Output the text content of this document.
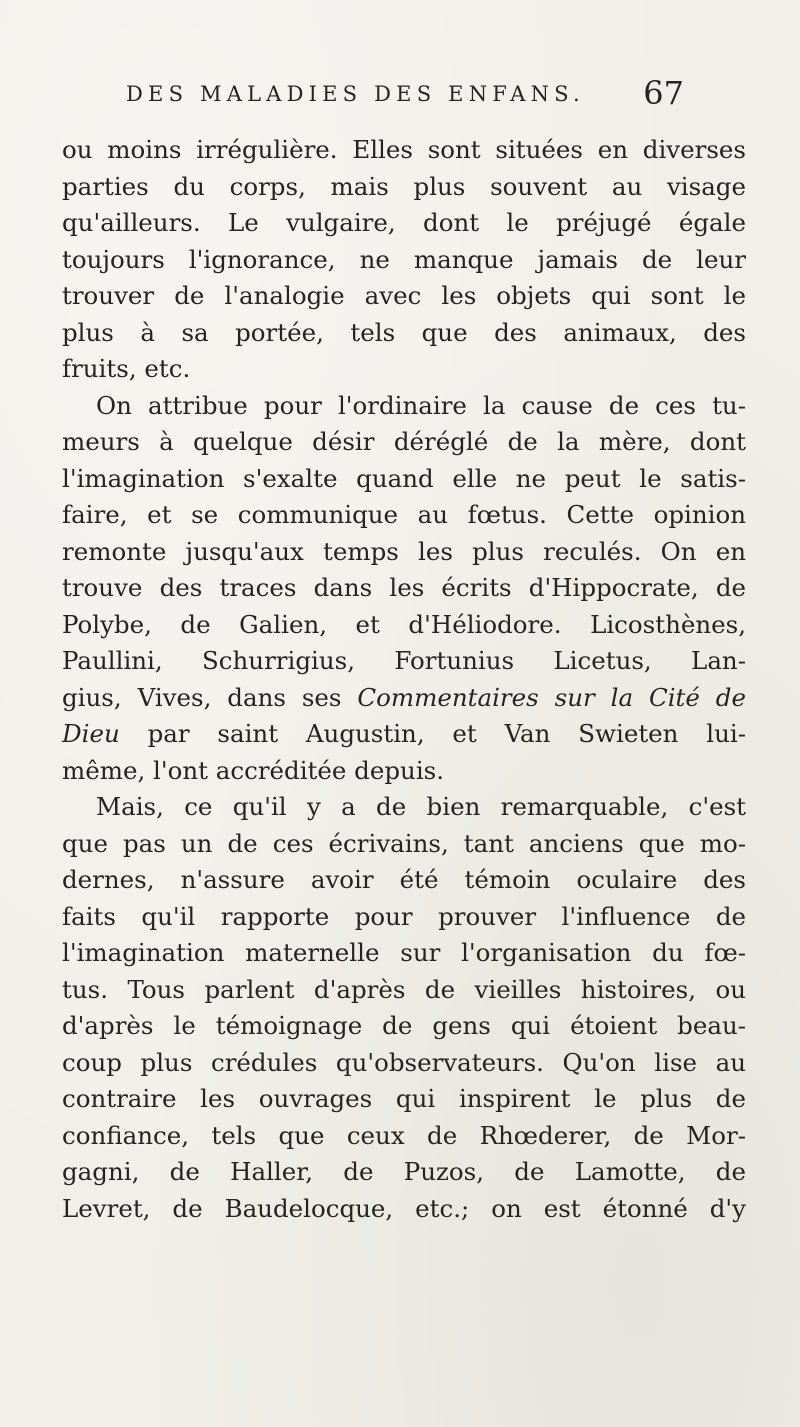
DES MALADIES DES ENFANS. 67
ou moins irrégulière. Elles sont situées en diverses
parties du corps, mais plus souvent au visage
qu'ailleurs. Le vulgaire, dont le préjugé égale
toujours l'ignorance, ne manque jamais de leur
trouver de l'analogie avec les objets qui sont le
plus à sa portée, tels que des animaux, des
fruits, etc.
On attribue pour l'ordinaire la cause de ces tu-
meurs à quelque désir déréglé de la mère, dont
l'imagination s'exalte quand elle ne peut le satis-
faire, et se communique au fœtus. Cette opinion
remonte jusqu'aux temps les plus reculés. On en
trouve des traces dans les écrits d'Hippocrate, de
Polybe, de Galien, et d'Héliodore. Licosthènes,
Paullini, Schurrigius, Fortunius Licetus, Lan-
gius, Vives, dans ses Commentaires sur la Cité de
Dieu par saint Augustin, et Van Swieten lui-
même, l'ont accréditée depuis.
Mais, ce qu'il y a de bien remarquable, c'est
que pas un de ces écrivains, tant anciens que mo-
dernes, n'assure avoir été témoin oculaire des
faits qu'il rapporte pour prouver l'influence de
l'imagination maternelle sur l'organisation du fœ-
tus. Tous parlent d'après de vieilles histoires, ou
d'après le témoignage de gens qui étoient beau-
coup plus crédules qu'observateurs. Qu'on lise au
contraire les ouvrages qui inspirent le plus de
confiance, tels que ceux de Rhœderer, de Mor-
gagni, de Haller, de Puzos, de Lamotte, de
Levret, de Baudelocque, etc.; on est étonné d'y
